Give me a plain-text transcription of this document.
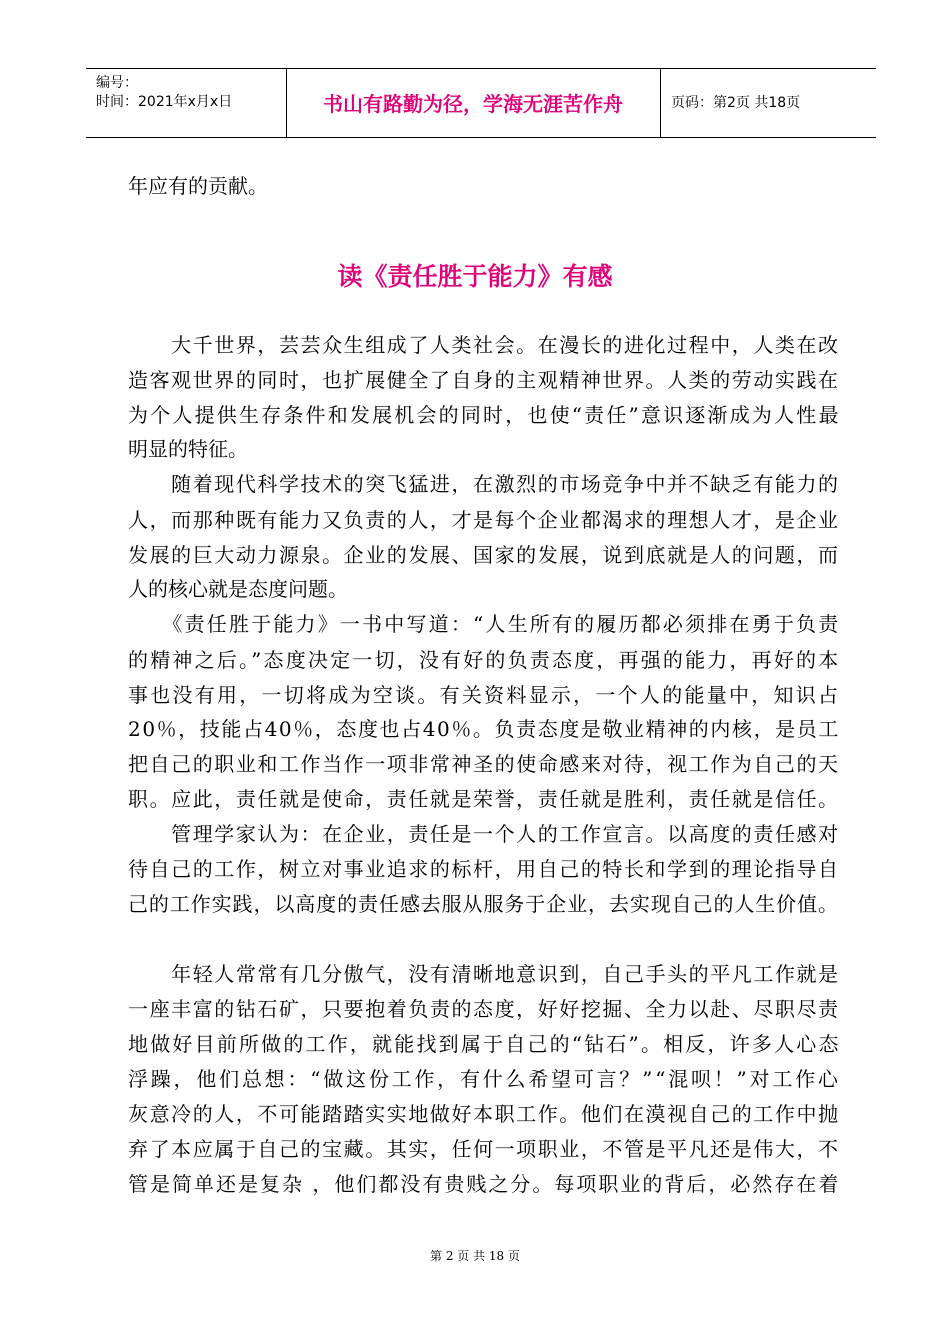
编号：
时间：2021年x月x日	书山有路勤为径，学海无涯苦作舟	页码：第2页 共18页
年应有的贡献。
读《责任胜于能力》有感
　　大千世界，芸芸众生组成了人类社会。在漫长的进化过程中，人类在改
造客观世界的同时，也扩展健全了自身的主观精神世界。人类的劳动实践在
为个人提供生存条件和发展机会的同时，也使“责任”意识逐渐成为人性最
明显的特征。
　　随着现代科学技术的突飞猛进，在激烈的市场竞争中并不缺乏有能力的
人，而那种既有能力又负责的人，才是每个企业都渴求的理想人才，是企业
发展的巨大动力源泉。企业的发展、国家的发展，说到底就是人的问题，而
人的核心就是态度问题。
　　《责任胜于能力》一书中写道：“人生所有的履历都必须排在勇于负责
的精神之后。”态度决定一切，没有好的负责态度，再强的能力，再好的本
事也没有用，一切将成为空谈。有关资料显示，一个人的能量中，知识占
20％，技能占40％，态度也占40％。负责态度是敬业精神的内核，是员工
把自己的职业和工作当作一项非常神圣的使命感来对待，视工作为自己的天
职。应此，责任就是使命，责任就是荣誉，责任就是胜利，责任就是信任。
　　管理学家认为：在企业，责任是一个人的工作宣言。以高度的责任感对
待自己的工作，树立对事业追求的标杆，用自己的特长和学到的理论指导自
己的工作实践，以高度的责任感去服从服务于企业，去实现自己的人生价值。
　　年轻人常常有几分傲气，没有清晰地意识到，自己手头的平凡工作就是
一座丰富的钻石矿，只要抱着负责的态度，好好挖掘、全力以赴、尽职尽责
地做好目前所做的工作，就能找到属于自己的“钻石”。相反，许多人心态
浮躁，他们总想：“做这份工作，有什么希望可言？”“混呗！”对工作心
灰意冷的人，不可能踏踏实实地做好本职工作。他们在漠视自己的工作中抛
弃了本应属于自己的宝藏。其实，任何一项职业，不管是平凡还是伟大，不
管是简单还是复杂 ，他们都没有贵贱之分。每项职业的背后，必然存在着
第 2 页 共 18 页
